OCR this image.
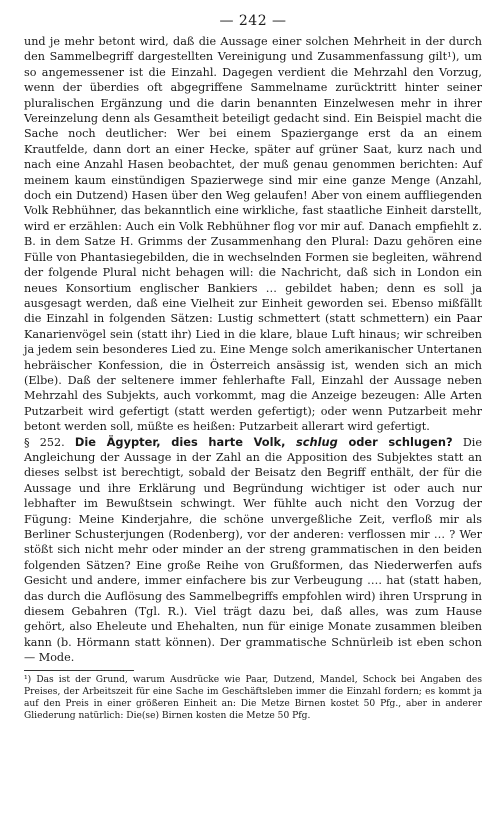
— 242 —

und je mehr betont wird, daß die Aussage einer solchen Mehrheit in der durch den Sammelbegriff dargestellten Vereinigung und Zusammenfassung gilt¹), um so angemessener ist die Einzahl. Dagegen verdient die Mehrzahl den Vorzug, wenn der überdies oft abgegriffene Sammelname zurücktritt hinter seiner pluralischen Ergänzung und die darin benannten Einzelwesen mehr in ihrer Vereinzelung denn als Gesamtheit beteiligt gedacht sind. Ein Beispiel macht die Sache noch deutlicher: Wer bei einem Spaziergange erst da an einem Krautfelde, dann dort an einer Hecke, später auf grüner Saat, kurz nach und nach eine Anzahl Hasen beobachtet, der muß genau genommen berichten: Auf meinem kaum einstündigen Spazierwege sind mir eine ganze Menge (Anzahl, doch ein Dutzend) Hasen über den Weg gelaufen! Aber von einem auffliegenden Volk Rebhühner, das bekanntlich eine wirkliche, fast staatliche Einheit darstellt, wird er erzählen: Auch ein Volk Rebhühner flog vor mir auf. Danach empfiehlt z. B. in dem Satze H. Grimms der Zusammenhang den Plural: Dazu gehören eine Fülle von Phantasiegebilden, die in wechselnden Formen sie begleiten, während der folgende Plural nicht behagen will: die Nachricht, daß sich in London ein neues Konsortium englischer Bankiers … gebildet haben; denn es soll ja ausgesagt werden, daß eine Vielheit zur Einheit geworden sei. Ebenso mißfällt die Einzahl in folgenden Sätzen: Lustig schmettert (statt schmettern) ein Paar Kanarienvögel sein (statt ihr) Lied in die klare, blaue Luft hinaus; wir schreiben ja jedem sein besonderes Lied zu. Eine Menge solch amerikanischer Untertanen hebräischer Konfession, die in Österreich ansässig ist, wenden sich an mich (Elbe). Daß der seltenere immer fehlerhafte Fall, Einzahl der Aussage neben Mehrzahl des Subjekts, auch vorkommt, mag die Anzeige bezeugen: Alle Arten Putzarbeit wird gefertigt (statt werden gefertigt); oder wenn Putzarbeit mehr betont werden soll, müßte es heißen: Putzarbeit allerart wird gefertigt.

§ 252. Die Ägypter, dies harte Volk, schlug oder schlugen? Die Angleichung der Aussage in der Zahl an die Apposition des Subjektes statt an dieses selbst ist berechtigt, sobald der Beisatz den Begriff enthält, der für die Aussage und ihre Erklärung und Begründung wichtiger ist oder auch nur lebhafter im Bewußtsein schwingt. Wer fühlte auch nicht den Vorzug der Fügung: Meine Kinderjahre, die schöne unvergeßliche Zeit, verfloß mir als Berliner Schusterjungen (Rodenberg), vor der anderen: verflossen mir … ? Wer stößt sich nicht mehr oder minder an der streng grammatischen in den beiden folgenden Sätzen? Eine große Reihe von Grußformen, das Niederwerfen aufs Gesicht und andere, immer einfachere bis zur Verbeugung …. hat (statt haben, das durch die Auflösung des Sammelbegriffs empfohlen wird) ihren Ursprung in diesem Gebahren (Tgl. R.). Viel trägt dazu bei, daß alles, was zum Hause gehört, also Eheleute und Ehehalten, nun für einige Monate zusammen bleiben kann (b. Hörmann statt können). Der grammatische Schnürleib ist eben schon — Mode.

¹) Das ist der Grund, warum Ausdrücke wie Paar, Dutzend, Mandel, Schock bei Angaben des Preises, der Arbeitszeit für eine Sache im Geschäftsleben immer die Einzahl fordern; es kommt ja auf den Preis in einer größeren Einheit an: Die Metze Birnen kostet 50 Pfg., aber in anderer Gliederung natürlich: Die(se) Birnen kosten die Metze 50 Pfg.
